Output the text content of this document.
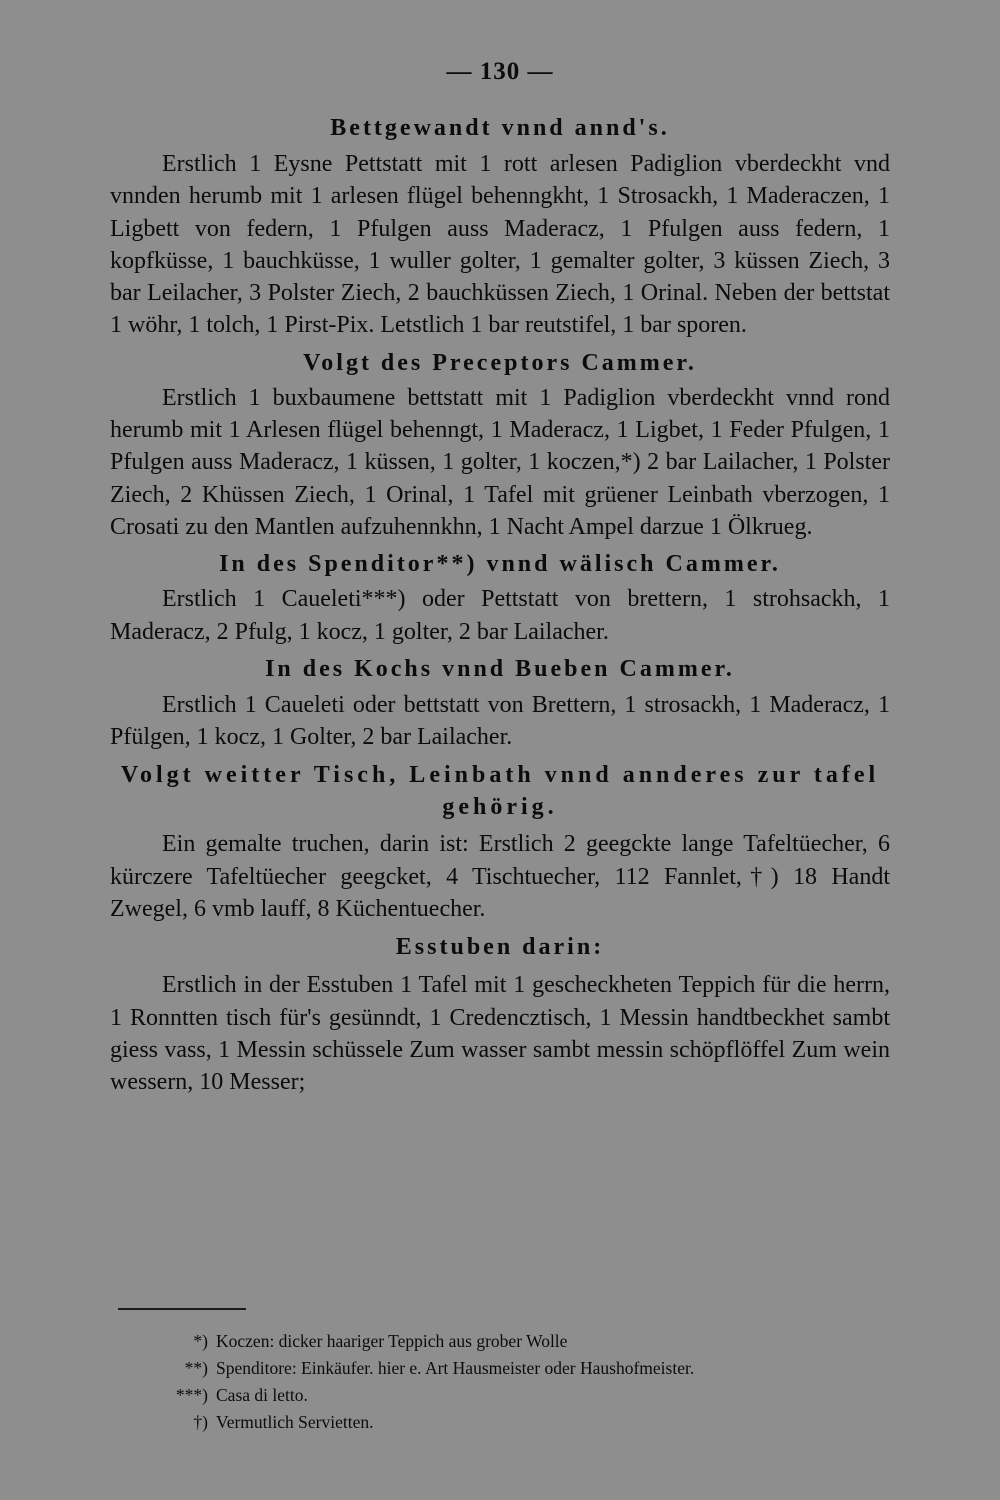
— 130 —
Bettgewandt vnnd annd's.

Erstlich 1 Eysne Pettstatt mit 1 rott arlesen Padiglion vberdeckht vnd vnnden herumb mit 1 arlesen flügel behenngkht, 1 Strosackh, 1 Maderaczen, 1 Ligbett von federn, 1 Pfulgen auss Maderacz, 1 Pfulgen auss federn, 1 kopfküsse, 1 bauchküsse, 1 wuller golter, 1 gemalter golter, 3 küssen Ziech, 3 bar Leilacher, 3 Polster Ziech, 2 bauchküssen Ziech, 1 Orinal. Neben der bettstat 1 wöhr, 1 tolch, 1 Pirst-Pix. Letstlich 1 bar reutstifel, 1 bar sporen.

Volgt des Preceptors Cammer.

Erstlich 1 buxbaumene bettstatt mit 1 Padiglion vberdeckht vnnd rond herumb mit 1 Arlesen flügel behenngt, 1 Maderacz, 1 Ligbet, 1 Feder Pfulgen, 1 Pfulgen auss Maderacz, 1 küssen, 1 golter, 1 koczen,*) 2 bar Lailacher, 1 Polster Ziech, 2 Khüssen Ziech, 1 Orinal, 1 Tafel mit grüener Leinbath vberzogen, 1 Crosati zu den Mantlen aufzuhennkhn, 1 Nacht Ampel darzue 1 Ölkrueg.

In des Spenditor**) vnnd wälisch Cammer.

Erstlich 1 Caueleti***) oder Pettstatt von brettern, 1 strohsackh, 1 Maderacz, 2 Pfulg, 1 kocz, 1 golter, 2 bar Lailacher.

In des Kochs vnnd Bueben Cammer.

Erstlich 1 Caueleti oder bettstatt von Brettern, 1 strosackh, 1 Maderacz, 1 Pfülgen, 1 kocz, 1 Golter, 2 bar Lailacher.

Volgt weitter Tisch, Leinbath vnnd annderes zur tafel gehörig.

Ein gemalte truchen, darin ist: Erstlich 2 geegckte lange Tafeltüecher, 6 kürczere Tafeltüecher geegcket, 4 Tischtuecher, 112 Fannlet,†) 18 Handt Zwegel, 6 vmb lauff, 8 Küchentuecher.

Esstuben darin:

Erstlich in der Esstuben 1 Tafel mit 1 gescheckheten Teppich für die herrn, 1 Ronntten tisch für's gesünndt, 1 Credencztisch, 1 Messin handtbeckhet sambt giess vass, 1 Messin schüssele Zum wasser sambt messin schöpflöffel Zum wein wessern, 10 Messer;

*) Koczen: dicker haariger Teppich aus grober Wolle

**) Spenditore: Einkäufer. hier e. Art Hausmeister oder Haushofmeister.

***) Casa di letto.

†) Vermutlich Servietten.
